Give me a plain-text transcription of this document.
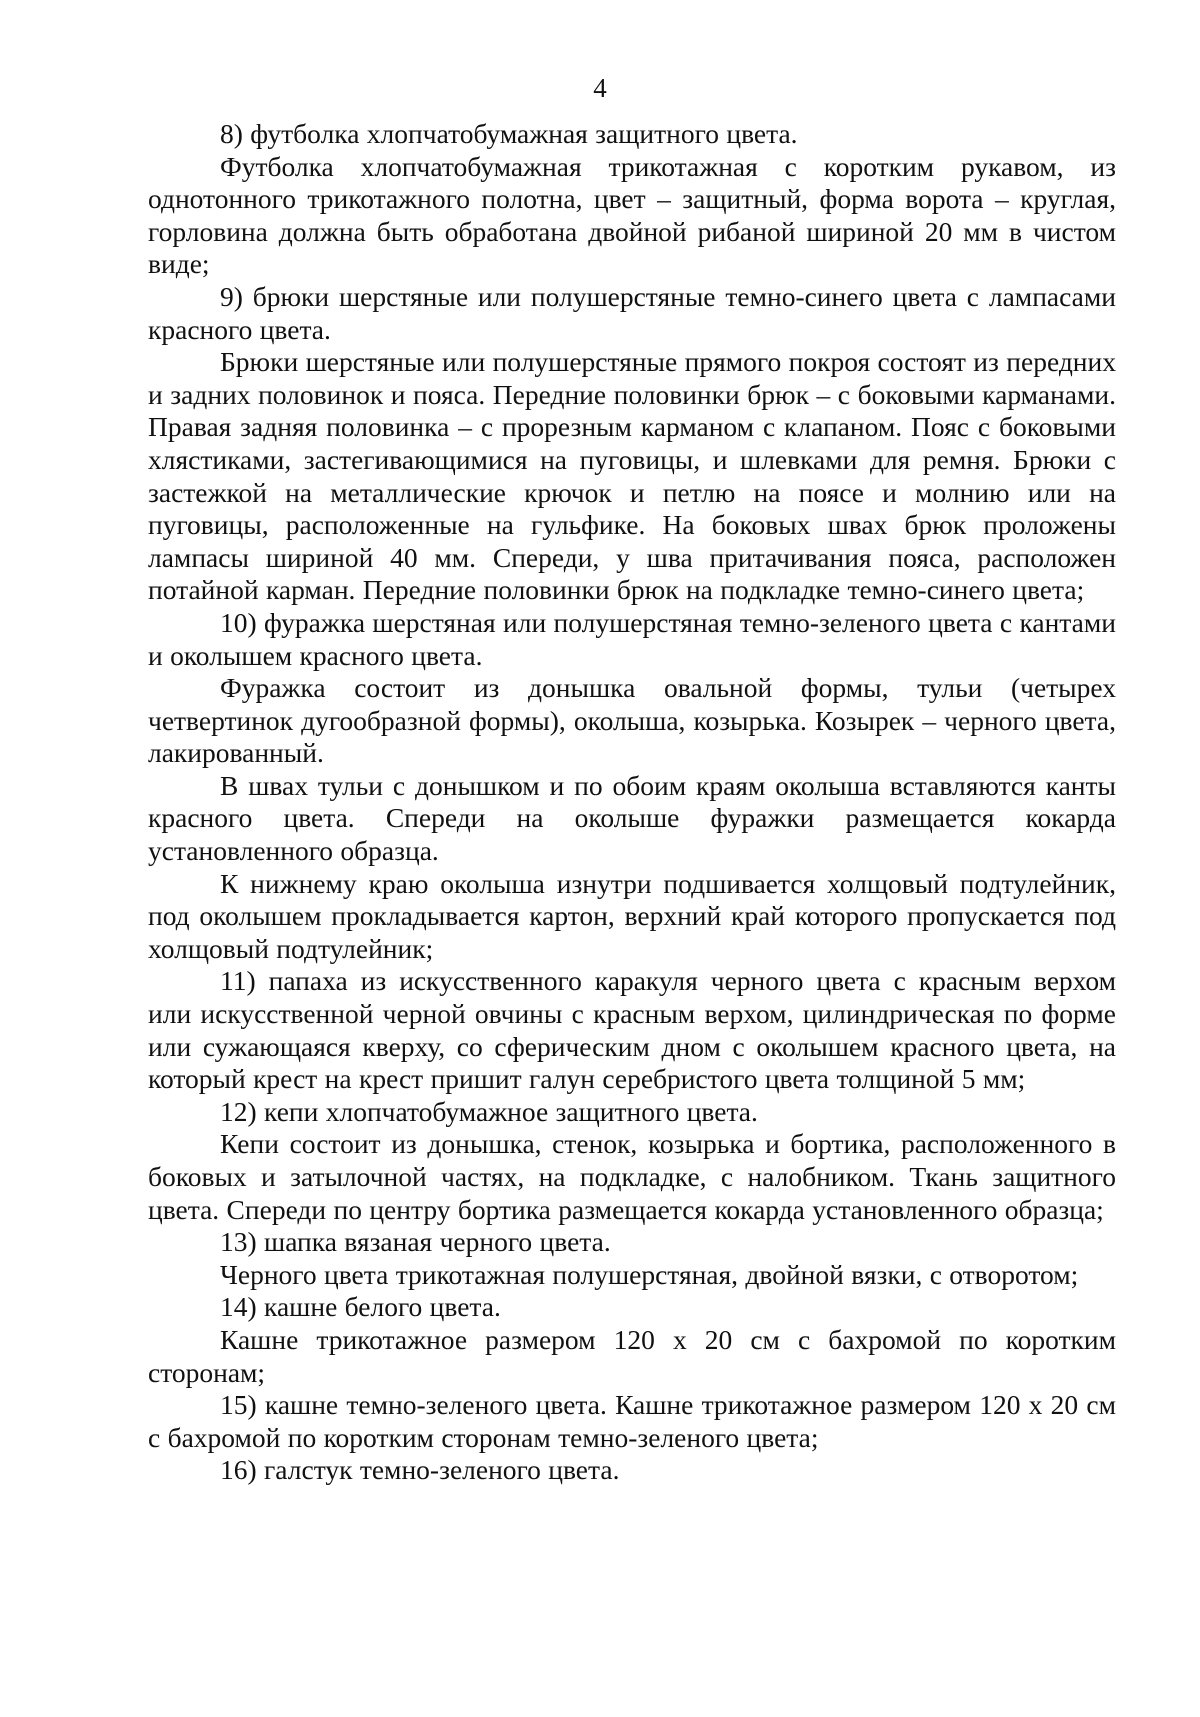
4

8) футболка хлопчатобумажная защитного цвета.

Футболка хлопчатобумажная трикотажная с коротким рукавом, из однотонного трикотажного полотна, цвет – защитный, форма ворота – круглая, горловина должна быть обработана двойной рибаной шириной 20 мм в чистом виде;

9) брюки шерстяные или полушерстяные темно-синего цвета с лампасами красного цвета.

Брюки шерстяные или полушерстяные прямого покроя состоят из передних и задних половинок и пояса. Передние половинки брюк – с боковыми карманами. Правая задняя половинка – с прорезным карманом с клапаном. Пояс с боковыми хлястиками, застегивающимися на пуговицы, и шлевками для ремня. Брюки с застежкой на металлические крючок и петлю на поясе и молнию или на пуговицы, расположенные на гульфике. На боковых швах брюк проложены лампасы шириной 40 мм. Спереди, у шва притачивания пояса, расположен потайной карман. Передние половинки брюк на подкладке темно-синего цвета;

10) фуражка шерстяная или полушерстяная темно-зеленого цвета с кантами и околышем красного цвета.

Фуражка состоит из донышка овальной формы, тульи (четырех четвертинок дугообразной формы), околыша, козырька. Козырек – черного цвета, лакированный.

В швах тульи с донышком и по обоим краям околыша вставляются канты красного цвета. Спереди на околыше фуражки размещается кокарда установленного образца.

К нижнему краю околыша изнутри подшивается холщовый подтулейник, под околышем прокладывается картон, верхний край которого пропускается под холщовый подтулейник;

11) папаха из искусственного каракуля черного цвета с красным верхом или искусственной черной овчины с красным верхом, цилиндрическая по форме или сужающаяся кверху, со сферическим дном с околышем красного цвета, на который крест на крест пришит галун серебристого цвета толщиной 5 мм;

12) кепи хлопчатобумажное защитного цвета.

Кепи состоит из донышка, стенок, козырька и бортика, расположенного в боковых и затылочной частях, на подкладке, с налобником. Ткань защитного цвета. Спереди по центру бортика размещается кокарда установленного образца;

13) шапка вязаная черного цвета.

Черного цвета трикотажная полушерстяная, двойной вязки, с отворотом;

14) кашне белого цвета.

Кашне трикотажное размером 120 х 20 см с бахромой по коротким сторонам;

15) кашне темно-зеленого цвета. Кашне трикотажное размером 120 х 20 см с бахромой по коротким сторонам темно-зеленого цвета;

16) галстук темно-зеленого цвета.
